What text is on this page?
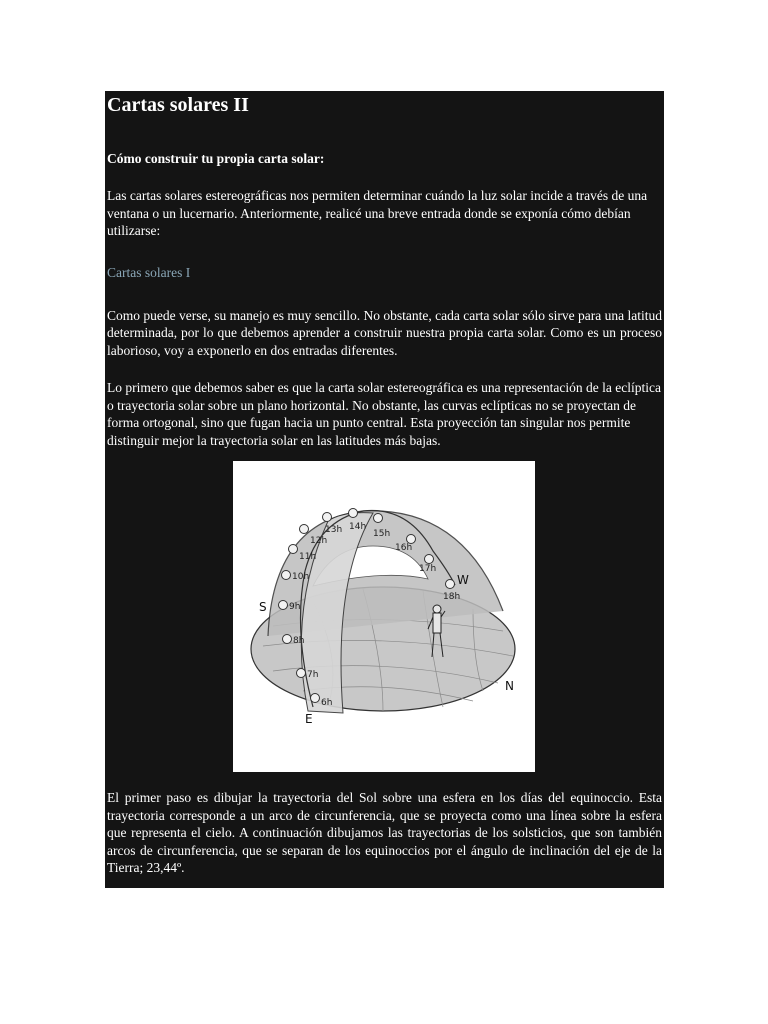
Cartas solares II
Cómo construir tu propia carta solar:

Las cartas solares estereográficas nos permiten determinar cuándo la luz solar incide a través de una ventana o un lucernario. Anteriormente, realicé una breve entrada donde se exponía cómo debían utilizarse:

Cartas solares I

Como puede verse, su manejo es muy sencillo. No obstante, cada carta solar sólo sirve para una latitud determinada, por lo que debemos aprender a construir nuestra propia carta solar. Como es un proceso laborioso, voy a exponerlo en dos entradas diferentes.

Lo primero que debemos saber es que la carta solar estereográfica es una representación de la eclíptica o trayectoria solar sobre un plano horizontal. No obstante, las curvas eclípticas no se proyectan de forma ortogonal, sino que fugan hacia un punto central. Esta proyección tan singular nos permite distinguir mejor la trayectoria solar en las latitudes más bajas.

El primer paso es dibujar la trayectoria del Sol sobre una esfera en los días del equinoccio. Esta trayectoria corresponde a un arco de circunferencia, que se proyecta como una línea sobre la esfera que representa el cielo. A continuación dibujamos las trayectorias de los solsticios, que son también arcos de circunferencia, que se separan de los equinoccios por el ángulo de inclinación del eje de la Tierra; 23,44º.

6h
7h
8h
9h
10h
11h
12h
13h 14h
15h
16h
17h
18h
S
W
N
E
